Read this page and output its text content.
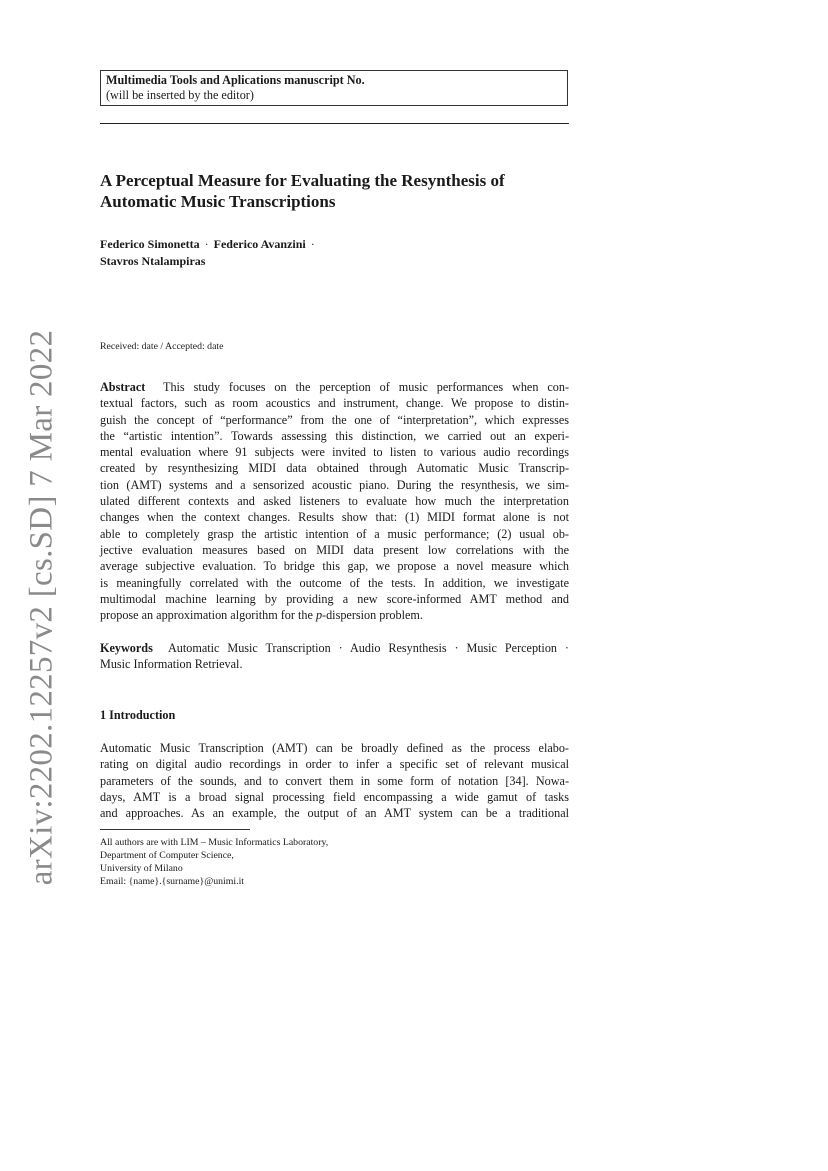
arXiv:2202.12257v2 [cs.SD] 7 Mar 2022
Multimedia Tools and Aplications manuscript No.
(will be inserted by the editor)
A Perceptual Measure for Evaluating the Resynthesis of
Automatic Music Transcriptions
Federico Simonetta · Federico Avanzini ·
Stavros Ntalampiras
Received: date / Accepted: date
Abstract This study focuses on the perception of music performances when con-
textual factors, such as room acoustics and instrument, change. We propose to distin-
guish the concept of “performance” from the one of “interpretation”, which expresses
the “artistic intention”. Towards assessing this distinction, we carried out an experi-
mental evaluation where 91 subjects were invited to listen to various audio recordings
created by resynthesizing MIDI data obtained through Automatic Music Transcrip-
tion (AMT) systems and a sensorized acoustic piano. During the resynthesis, we sim-
ulated different contexts and asked listeners to evaluate how much the interpretation
changes when the context changes. Results show that: (1) MIDI format alone is not
able to completely grasp the artistic intention of a music performance; (2) usual ob-
jective evaluation measures based on MIDI data present low correlations with the
average subjective evaluation. To bridge this gap, we propose a novel measure which
is meaningfully correlated with the outcome of the tests. In addition, we investigate
multimodal machine learning by providing a new score-informed AMT method and
propose an approximation algorithm for the p-dispersion problem.
Keywords Automatic Music Transcription · Audio Resynthesis · Music Perception ·
Music Information Retrieval.
1 Introduction
Automatic Music Transcription (AMT) can be broadly defined as the process elabo-
rating on digital audio recordings in order to infer a specific set of relevant musical
parameters of the sounds, and to convert them in some form of notation [34]. Nowa-
days, AMT is a broad signal processing field encompassing a wide gamut of tasks
and approaches. As an example, the output of an AMT system can be a traditional
All authors are with LIM – Music Informatics Laboratory,
Department of Computer Science,
University of Milano
Email: {name}.{surname}@unimi.it
